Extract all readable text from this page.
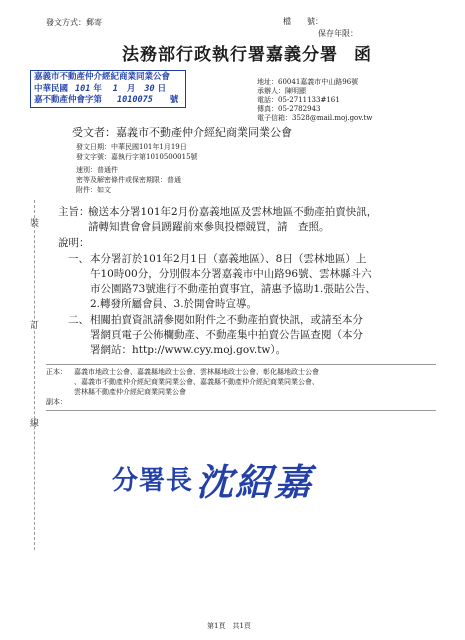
發文方式：郵寄	檔　　號：
保存年限：
法務部行政執行署嘉義分署 函
嘉義市不動產仲介經紀商業同業公會
中華民國 101 年 1 月 30 日
嘉不動產仲會字第 1010075 號
地址：60041嘉義市中山路96號
承辦人：陳明顯
電話：05-2711133#161
傳真：05-2782943
電子信箱：3528@mail.moj.gov.tw
受文者：嘉義市不動產仲介經紀商業同業公會
發文日期：中華民國101年1月19日
發文字號：嘉執行字第1010500015號
速別：普通件
密等及解密條件或保密期限：普通
附件：如文
裝
訂
線
主旨：
檢送本分署101年2月份嘉義地區及雲林地區不動產拍賣快訊，
請轉知貴會會員踴躍前來參與投標競買，請　查照。
說明：
一、 本分署訂於101年2月1日（嘉義地區）、8日（雲林地區）上
午10時00分，分別假本分署嘉義市中山路96號、雲林縣斗六
市公園路73號進行不動產拍賣事宜，請惠予協助1.張貼公告、
2.轉發所屬會員、3.於開會時宣導。
二、 相關拍賣資訊請參閱如附件之不動產拍賣快訊，或請至本分
署網頁電子公佈欄動產、不動產集中拍賣公告區查閱（本分
署網站：http://www.cyy.moj.gov.tw）。
正本： 嘉義市地政士公會、嘉義縣地政士公會、雲林縣地政士公會、彰化縣地政士公會
、嘉義市不動產仲介經紀商業同業公會、嘉義縣不動產仲介經紀商業同業公會、
雲林縣不動產仲介經紀商業同業公會
副本：
分署長 沈紹嘉
第1頁　共1頁
